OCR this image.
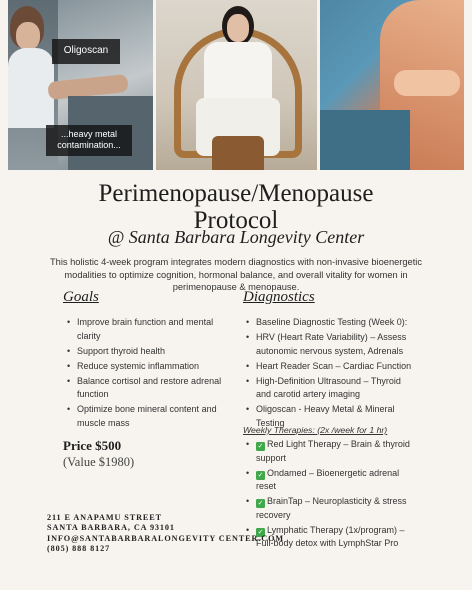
Oligoscan
...heavy metal contamination...
Perimenopause/Menopause
Protocol
@ Santa Barbara Longevity Center
This holistic 4-week program integrates modern diagnostics with non-invasive bioenergetic modalities to optimize cognition, hormonal balance, and overall vitality for women in perimenopause & menopause.
Goals	Diagnostics
• Improve brain function and mental clarity
• Support thyroid health
• Reduce systemic inflammation
• Balance cortisol and restore adrenal function
• Optimize bone mineral content and muscle mass
• Baseline Diagnostic Testing (Week 0):
• HRV (Heart Rate Variability) – Assess autonomic nervous system, Adrenals
• Heart Reader Scan – Cardiac Function
• High-Definition Ultrasound – Thyroid and carotid artery imaging
• Oligoscan - Heavy Metal & Mineral Testing
Weekly Therapies: (2x /week for 1 hr)
• ✓ Red Light Therapy – Brain & thyroid support
• ✓ Ondamed – Bioenergetic adrenal reset
• ✓ BrainTap – Neuroplasticity & stress recovery
• ✓ Lymphatic Therapy (1x/program) – Full-body detox with LymphStar Pro
Price $500
(Value $1980)
211 E ANAPAMU STREET
SANTA BARBARA, CA 93101
INFO@SANTABARBARALONGEVITY CENTER.COM
(805) 888 8127
